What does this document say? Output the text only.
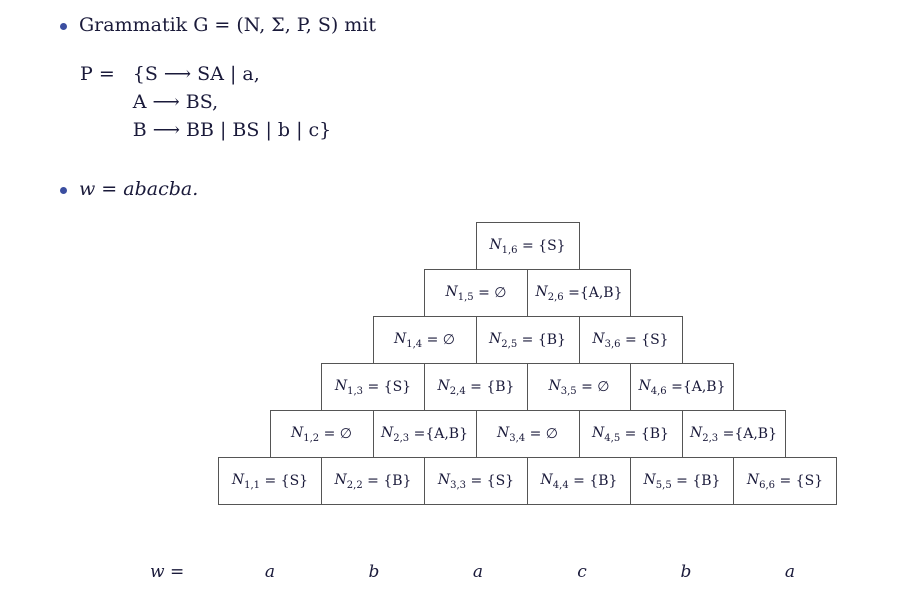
Grammatik G = (N, Σ, P, S) mit
P =	{S ⟶ SA | a,
A ⟶ BS,
B ⟶ BB | BS | b | c}
w = abacba.
$N_{1,6} = \{S\}$
$N_{1,5}$ = ∅ $N_{2,6} =\{A,B\}$
$N_{1,4}$ = ∅ $N_{2,5} = \{B\} N_{3,6} = \{S\}$
$N_{1,3} = \{S\} N_{2,4} = \{B\} N_{3,5}$ = ∅ $N_{4,6} =\{A,B\}$
$N_{1,2}$ = ∅ $N_{2,3} =\{A,B\} N_{3,4}$ = ∅ $N_{4,5} = \{B\}$ $N_{2,3} =\{A,B\}$
$N_{1,1} = \{S\} N_{2,2} = \{B\} N_{3,3} = \{S\} N_{4,4} = \{B\} N_{5,5} = \{B\} N_{6,6} = \{S\}$
w =	a	b	a	c	b	a
